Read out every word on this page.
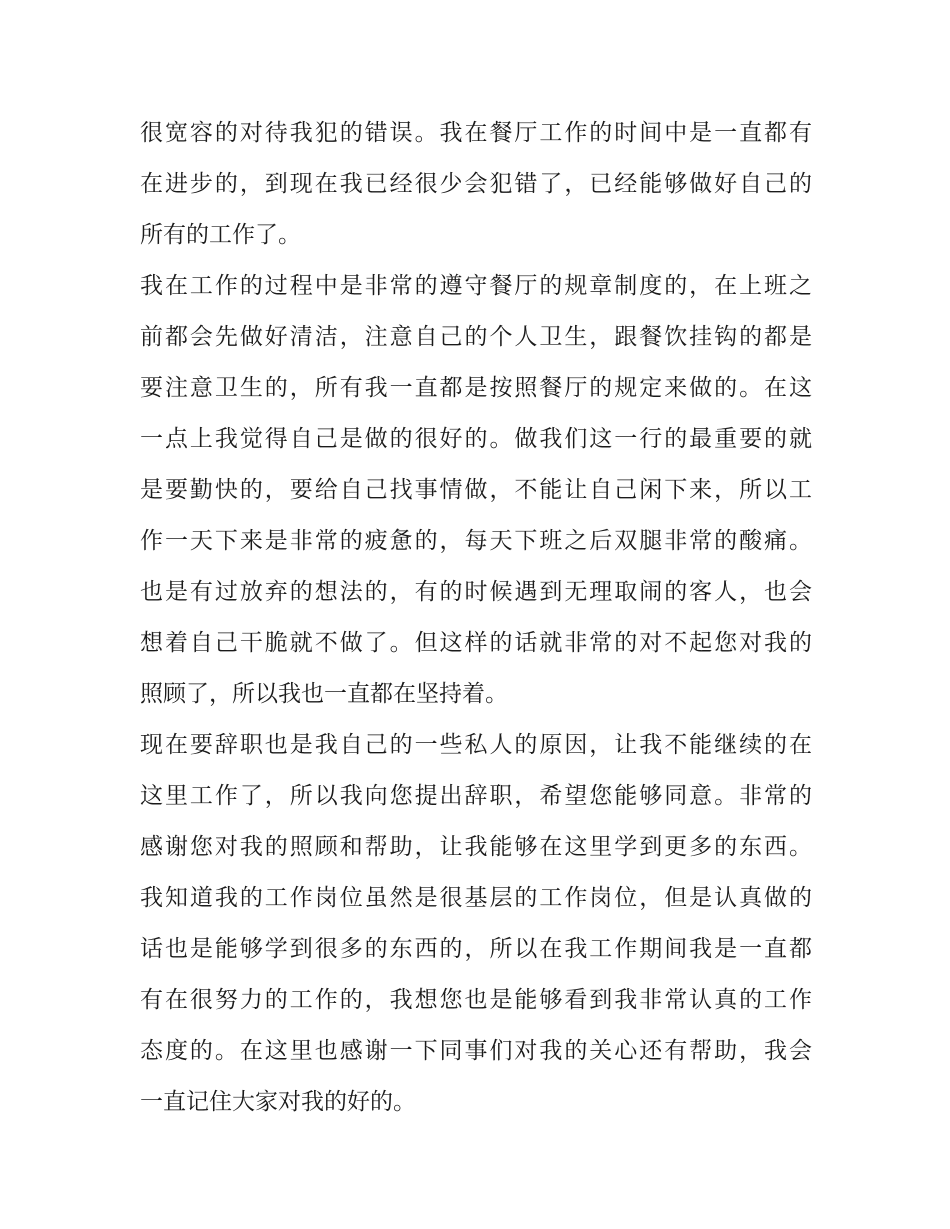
很宽容的对待我犯的错误。我在餐厅工作的时间中是一直都有
在进步的，到现在我已经很少会犯错了，已经能够做好自己的
所有的工作了。
我在工作的过程中是非常的遵守餐厅的规章制度的，在上班之
前都会先做好清洁，注意自己的个人卫生，跟餐饮挂钩的都是
要注意卫生的，所有我一直都是按照餐厅的规定来做的。在这
一点上我觉得自己是做的很好的。做我们这一行的最重要的就
是要勤快的，要给自己找事情做，不能让自己闲下来，所以工
作一天下来是非常的疲惫的，每天下班之后双腿非常的酸痛。
也是有过放弃的想法的，有的时候遇到无理取闹的客人，也会
想着自己干脆就不做了。但这样的话就非常的对不起您对我的
照顾了，所以我也一直都在坚持着。
现在要辞职也是我自己的一些私人的原因，让我不能继续的在
这里工作了，所以我向您提出辞职，希望您能够同意。非常的
感谢您对我的照顾和帮助，让我能够在这里学到更多的东西。
我知道我的工作岗位虽然是很基层的工作岗位，但是认真做的
话也是能够学到很多的东西的，所以在我工作期间我是一直都
有在很努力的工作的，我想您也是能够看到我非常认真的工作
态度的。在这里也感谢一下同事们对我的关心还有帮助，我会
一直记住大家对我的好的。
